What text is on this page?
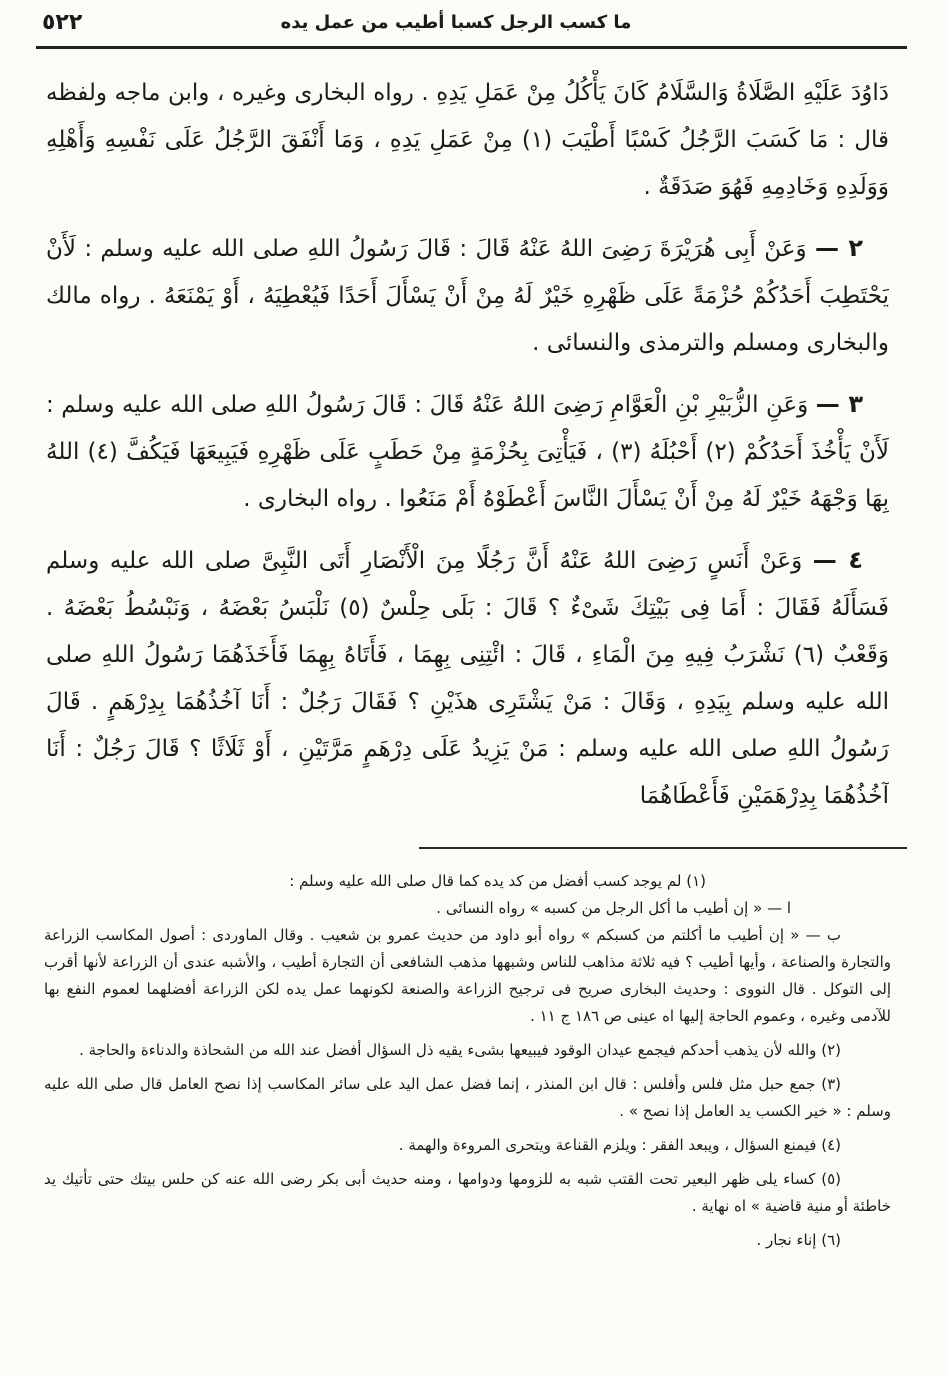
ما كسب الرجل كسبا أطيب من عمل يده
٥٢٢

دَاوُدَ عَلَيْهِ الصَّلَاةُ وَالسَّلَامُ كَانَ يَأْكُلُ مِنْ عَمَلِ يَدِهِ . رواه البخارى وغيره ، وابن ماجه ولفظه قال : مَا كَسَبَ الرَّجُلُ كَسْبًا أَطْيَبَ (١) مِنْ عَمَلِ يَدِهِ ، وَمَا أَنْفَقَ الرَّجُلُ عَلَى نَفْسِهِ وَأَهْلِهِ وَوَلَدِهِ وَخَادِمِهِ فَهُوَ صَدَقَةٌ .

٢ — وَعَنْ أَبِى هُرَيْرَةَ رَضِىَ اللهُ عَنْهُ قَالَ : قَالَ رَسُولُ اللهِ صلى الله عليه وسلم : لَأَنْ يَحْتَطِبَ أَحَدُكُمْ حُزْمَةً عَلَى ظَهْرِهِ خَيْرٌ لَهُ مِنْ أَنْ يَسْأَلَ أَحَدًا فَيُعْطِيَهُ ، أَوْ يَمْنَعَهُ . رواه مالك والبخارى ومسلم والترمذى والنسائى .

٣ — وَعَنِ الزُّبَيْرِ بْنِ الْعَوَّامِ رَضِىَ اللهُ عَنْهُ قَالَ : قَالَ رَسُولُ اللهِ صلى الله عليه وسلم : لَأَنْ يَأْخُذَ أَحَدُكُمْ (٢) أَحْبُلَهُ (٣) ، فَيَأْتِىَ بِحُزْمَةٍ مِنْ حَطَبٍ عَلَى ظَهْرِهِ فَيَبِيعَهَا فَيَكُفَّ (٤) اللهُ بِهَا وَجْهَهُ خَيْرٌ لَهُ مِنْ أَنْ يَسْأَلَ النَّاسَ أَعْطَوْهُ أَمْ مَنَعُوا . رواه البخارى .

٤ — وَعَنْ أَنَسٍ رَضِىَ اللهُ عَنْهُ أَنَّ رَجُلًا مِنَ الْأَنْصَارِ أَتَى النَّبِىَّ صلى الله عليه وسلم فَسَأَلَهُ فَقَالَ : أَمَا فِى بَيْتِكَ شَىْءٌ ؟ قَالَ : بَلَى حِلْسٌ (٥) نَلْبَسُ بَعْضَهُ ، وَنَبْسُطُ بَعْضَهُ . وَقَعْبٌ (٦) نَشْرَبُ فِيهِ مِنَ الْمَاءِ ، قَالَ : ائْتِنِى بِهِمَا ، فَأَتَاهُ بِهِمَا فَأَخَذَهُمَا رَسُولُ اللهِ صلى الله عليه وسلم بِيَدِهِ ، وَقَالَ : مَنْ يَشْتَرِى هذَيْنِ ؟ فَقَالَ رَجُلٌ : أَنَا آخُذُهُمَا بِدِرْهَمٍ . قَالَ رَسُولُ اللهِ صلى الله عليه وسلم : مَنْ يَزِيدُ عَلَى دِرْهَمٍ مَرَّتَيْنِ ، أَوْ ثَلَاثًا ؟ قَالَ رَجُلٌ : أَنَا آخُذُهُمَا بِدِرْهَمَيْنِ فَأَعْطَاهُمَا

(١) لم يوجد كسب أفضل من كد يده كما قال صلى الله عليه وسلم :

ا — « إن أطيب ما أكل الرجل من كسبه » رواه النسائى .

ب — « إن أطيب ما أكلتم من كسبكم » رواه أبو داود من حديث عمرو بن شعيب . وقال الماوردى : أصول المكاسب الزراعة والتجارة والصناعة ، وأيها أطيب ؟ فيه ثلاثة مذاهب للناس وشبهها مذهب الشافعى أن التجارة أطيب ، والأشبه عندى أن الزراعة لأنها أقرب إلى التوكل . قال النووى : وحديث البخارى صريح فى ترجيح الزراعة والصنعة لكونهما عمل يده لكن الزراعة أفضلهما لعموم النفع بها للآدمى وغيره ، وعموم الحاجة إليها اه عينى ص ١٨٦ ج ١١ .

(٢) والله لأن يذهب أحدكم فيجمع عيدان الوقود فيبيعها بشىء يقيه ذل السؤال أفضل عند الله من الشحاذة والدناءة والحاجة .

(٣) جمع حبل مثل فلس وأفلس : قال ابن المنذر ، إنما فضل عمل اليد على سائر المكاسب إذا نصح العامل قال صلى الله عليه وسلم : « خير الكسب يد العامل إذا نصح » .

(٤) فيمنع السؤال ، ويبعد الفقر : ويلزم القناعة ويتحرى المروءة والهمة .

(٥) كساء يلى ظهر البعير تحت القتب شبه به للزومها ودوامها ، ومنه حديث أبى بكر رضى الله عنه كن حلس بيتك حتى تأتيك يد خاطئة أو منية قاضية » اه نهاية .

(٦) إناء نجار .
